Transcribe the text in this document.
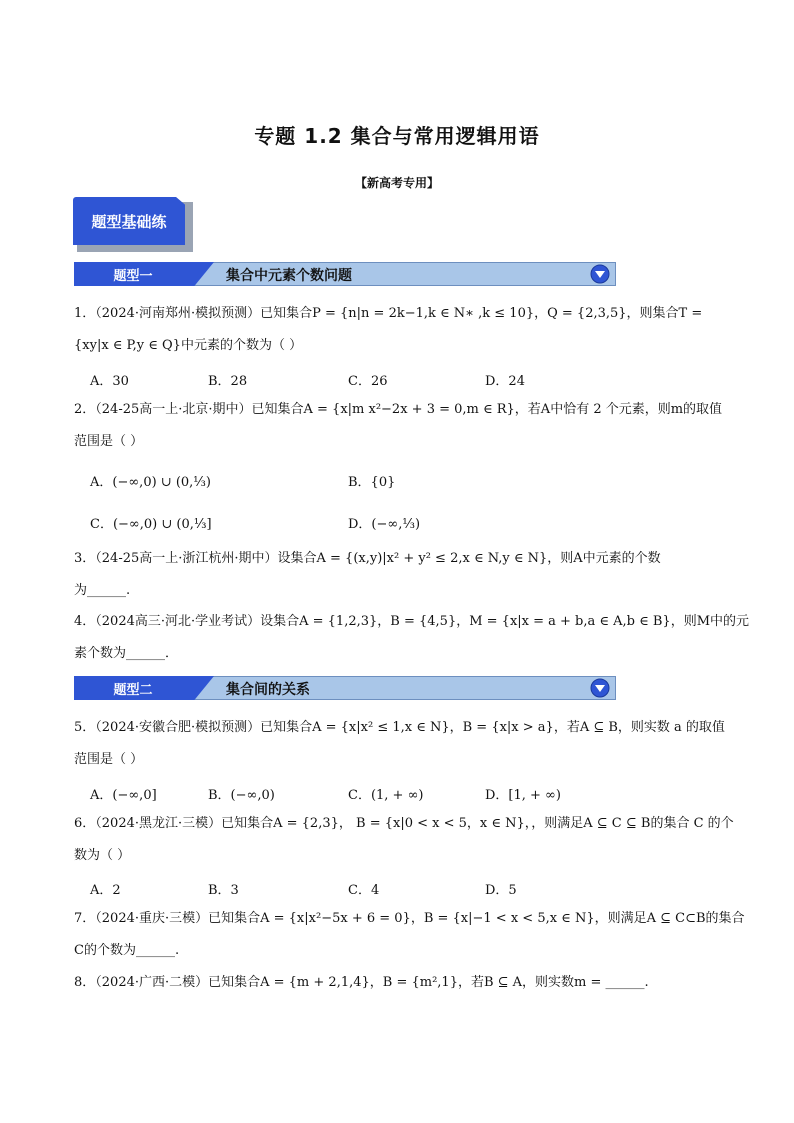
专题 1.2 集合与常用逻辑用语
【新高考专用】
题型基础练
题型一	集合中元素个数问题
1．（2024·河南郑州·模拟预测）已知集合P = {n|n = 2k−1,k ∈ N∗ ,k ≤ 10}，Q = {2,3,5}，则集合T =
{xy|x ∈ P,y ∈ Q}中元素的个数为（ ）
A．30	B．28	C．26	D．24
2．（24-25高一上·北京·期中）已知集合A = {x|m x²−2x + 3 = 0,m ∈ R}，若A中恰有 2 个元素，则m的取值
范围是（ ）
A．(−∞,0) ∪ (0,⅓)	B．{0}
C．(−∞,0) ∪ (0,⅓]	D．(−∞,⅓)
3．（24-25高一上·浙江杭州·期中）设集合A = {(x,y)|x² + y² ≤ 2,x ∈ N,y ∈ N}，则A中元素的个数
为______.
4．（2024高三·河北·学业考试）设集合A = {1,2,3}，B = {4,5}，M = {x|x = a + b,a ∈ A,b ∈ B}，则M中的元
素个数为______．
题型二	集合间的关系
5．（2024·安徽合肥·模拟预测）已知集合A = {x|x² ≤ 1,x ∈ N}，B = {x|x > a}，若A ⊆ B，则实数 a 的取值
范围是（ ）
A．(−∞,0]	B．(−∞,0)	C．(1, + ∞)	D．[1, + ∞)
6．（2024·黑龙江·三模）已知集合A = {2,3}， B = {x|0 < x < 5，x ∈ N}，，则满足A ⊆ C ⊆ B的集合 C 的个
数为（ ）
A．2	B．3	C．4	D．5
7．（2024·重庆·三模）已知集合A = {x|x²−5x + 6 = 0}，B = {x|−1 < x < 5,x ∈ N}，则满足A ⊆ C⊂B的集合
C的个数为______.
8．（2024·广西·二模）已知集合A = {m + 2,1,4}，B = {m²,1}，若B ⊆ A，则实数m = ______.
